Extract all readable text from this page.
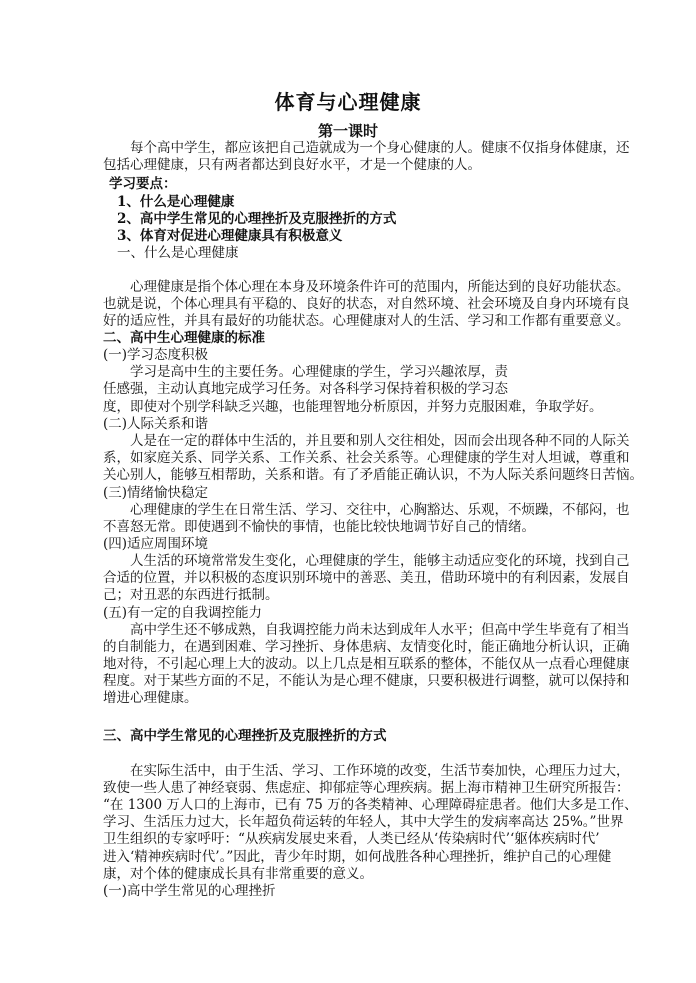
体育与心理健康
第一课时
每个高中学生，都应该把自己造就成为一个身心健康的人。健康不仅指身体健康，还
包括心理健康，只有两者都达到良好水平，才是一个健康的人。
学习要点：
1、什么是心理健康
2、高中学生常见的心理挫折及克服挫折的方式
3、体育对促进心理健康具有积极意义
一、什么是心理健康
心理健康是指个体心理在本身及环境条件许可的范围内，所能达到的良好功能状态。
也就是说，个体心理具有平稳的、良好的状态，对自然环境、社会环境及自身内环境有良
好的适应性，并具有最好的功能状态。心理健康对人的生活、学习和工作都有重要意义。
二、高中生心理健康的标准
(一)学习态度积极
学习是高中生的主要任务。心理健康的学生，学习兴趣浓厚，责
任感强，主动认真地完成学习任务。对各科学习保持着积极的学习态
度，即使对个别学科缺乏兴趣，也能理智地分析原因，并努力克服困难，争取学好。
(二)人际关系和谐
人是在一定的群体中生活的，并且要和别人交往相处，因而会出现各种不同的人际关
系，如家庭关系、同学关系、工作关系、社会关系等。心理健康的学生对人坦诚，尊重和
关心别人，能够互相帮助，关系和谐。有了矛盾能正确认识，不为人际关系问题终日苦恼。
(三)情绪愉快稳定
心理健康的学生在日常生活、学习、交往中，心胸豁达、乐观，不烦躁，不郁闷，也
不喜怒无常。即使遇到不愉快的事情，也能比较快地调节好自己的情绪。
(四)适应周围环境
人生活的环境常常发生变化，心理健康的学生，能够主动适应变化的环境，找到自己
合适的位置，并以积极的态度识别环境中的善恶、美丑，借助环境中的有利因素，发展自
己；对丑恶的东西进行抵制。
(五)有一定的自我调控能力
高中学生还不够成熟，自我调控能力尚未达到成年人水平；但高中学生毕竟有了相当
的自制能力，在遇到困难、学习挫折、身体患病、友情变化时，能正确地分析认识，正确
地对待，不引起心理上大的波动。以上几点是相互联系的整体，不能仅从一点看心理健康
程度。对于某些方面的不足，不能认为是心理不健康，只要积极进行调整，就可以保持和
增进心理健康。
三、高中学生常见的心理挫折及克服挫折的方式
在实际生活中，由于生活、学习、工作环境的改变，生活节奏加快，心理压力过大，
致使一些人患了神经衰弱、焦虑症、抑郁症等心理疾病。据上海市精神卫生研究所报告：
“在 1300 万人口的上海市，已有 75 万的各类精神、心理障碍症患者。他们大多是工作、
学习、生活压力过大，长年超负荷运转的年轻人，其中大学生的发病率高达 25%。”世界
卫生组织的专家呼吁：“从疾病发展史来看，人类已经从‘传染病时代’‘躯体疾病时代’
进入‘精神疾病时代’。”因此，青少年时期，如何战胜各种心理挫折，维护自己的心理健
康，对个体的健康成长具有非常重要的意义。
(一)高中学生常见的心理挫折
